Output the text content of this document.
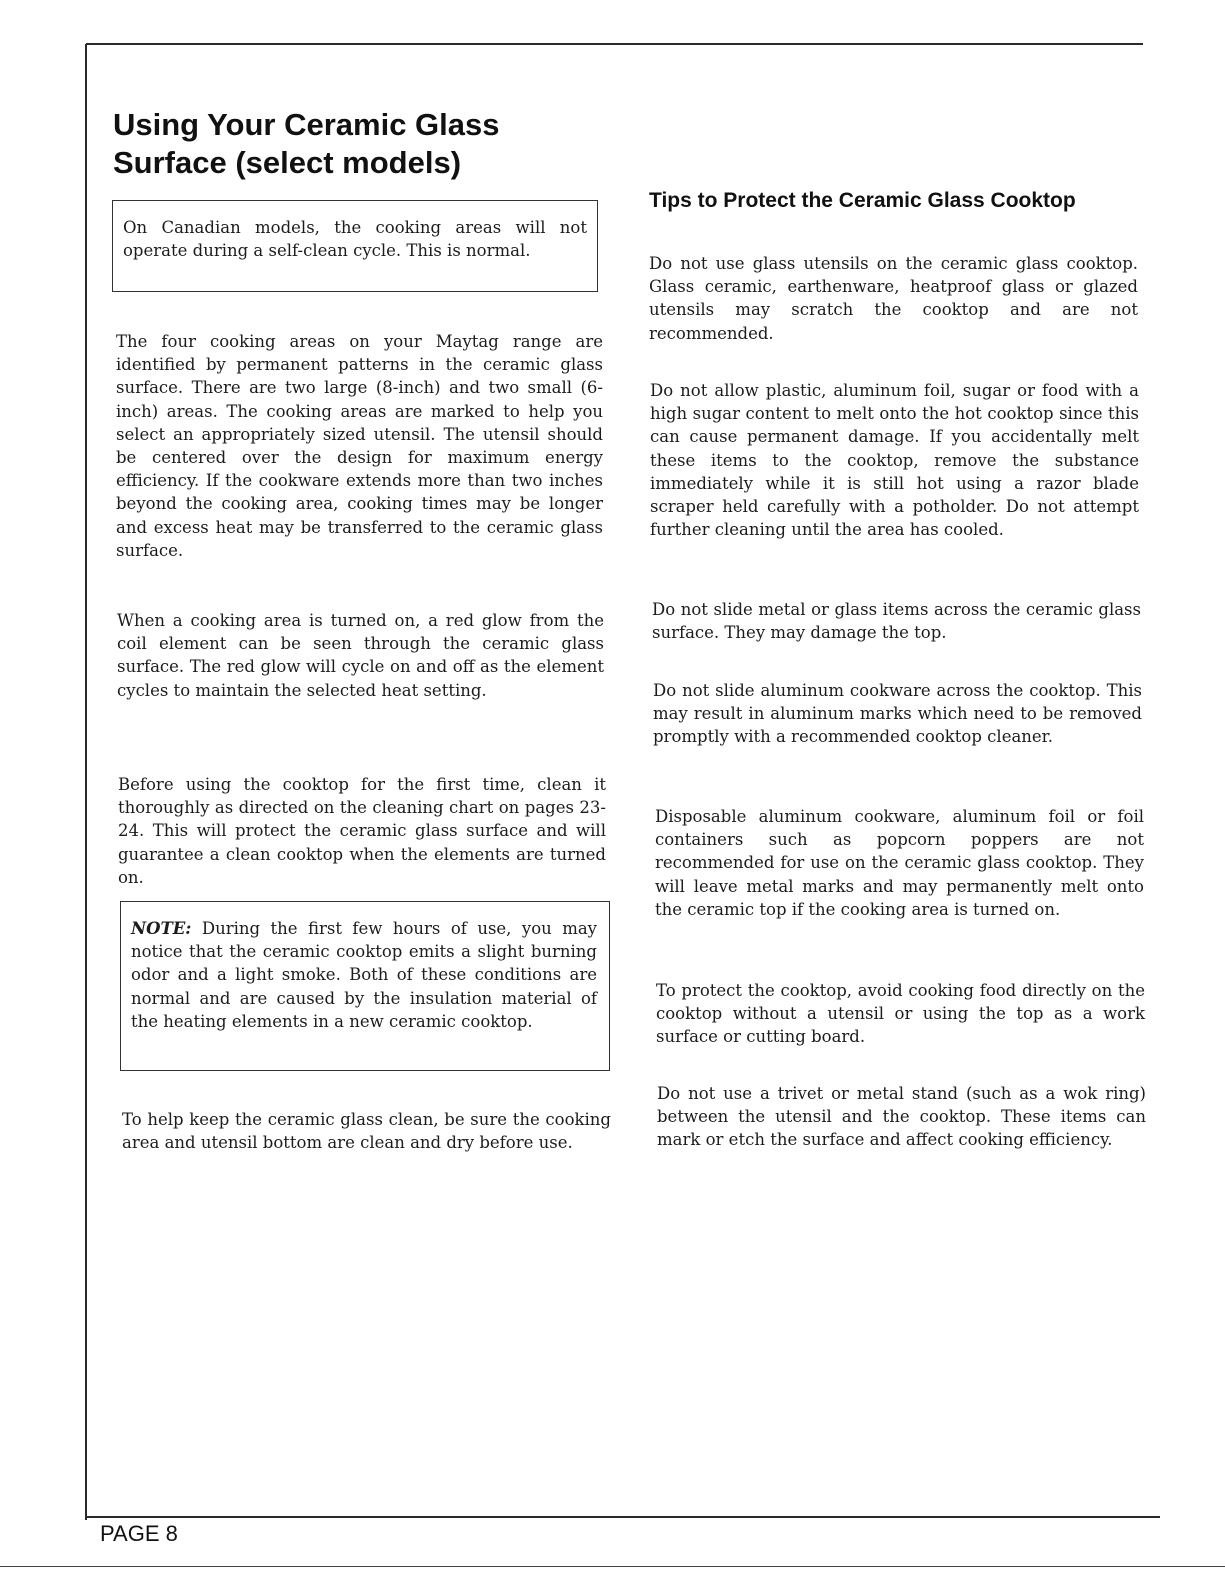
Using Your Ceramic Glass Surface (select models)

On Canadian models, the cooking areas will not operate during a self-clean cycle. This is normal.

The four cooking areas on your Maytag range are identified by permanent patterns in the ceramic glass surface. There are two large (8-inch) and two small (6-inch) areas. The cooking areas are marked to help you select an appropriately sized utensil. The utensil should be centered over the design for maximum energy efficiency. If the cookware extends more than two inches beyond the cooking area, cooking times may be longer and excess heat may be transferred to the ceramic glass surface.

When a cooking area is turned on, a red glow from the coil element can be seen through the ceramic glass surface. The red glow will cycle on and off as the element cycles to maintain the selected heat setting.

Before using the cooktop for the first time, clean it thoroughly as directed on the cleaning chart on pages 23-24. This will protect the ceramic glass surface and will guarantee a clean cooktop when the elements are turned on.

NOTE: During the first few hours of use, you may notice that the ceramic cooktop emits a slight burning odor and a light smoke. Both of these conditions are normal and are caused by the insulation material of the heating elements in a new ceramic cooktop.

To help keep the ceramic glass clean, be sure the cooking area and utensil bottom are clean and dry before use.

Tips to Protect the Ceramic Glass Cooktop

Do not use glass utensils on the ceramic glass cooktop. Glass ceramic, earthenware, heatproof glass or glazed utensils may scratch the cooktop and are not recommended.

Do not allow plastic, aluminum foil, sugar or food with a high sugar content to melt onto the hot cooktop since this can cause permanent damage. If you accidentally melt these items to the cooktop, remove the substance immediately while it is still hot using a razor blade scraper held carefully with a potholder. Do not attempt further cleaning until the area has cooled.

Do not slide metal or glass items across the ceramic glass surface. They may damage the top.

Do not slide aluminum cookware across the cooktop. This may result in aluminum marks which need to be removed promptly with a recommended cooktop cleaner.

Disposable aluminum cookware, aluminum foil or foil containers such as popcorn poppers are not recommended for use on the ceramic glass cooktop. They will leave metal marks and may permanently melt onto the ceramic top if the cooking area is turned on.

To protect the cooktop, avoid cooking food directly on the cooktop without a utensil or using the top as a work surface or cutting board.

Do not use a trivet or metal stand (such as a wok ring) between the utensil and the cooktop. These items can mark or etch the surface and affect cooking efficiency.

PAGE 8
